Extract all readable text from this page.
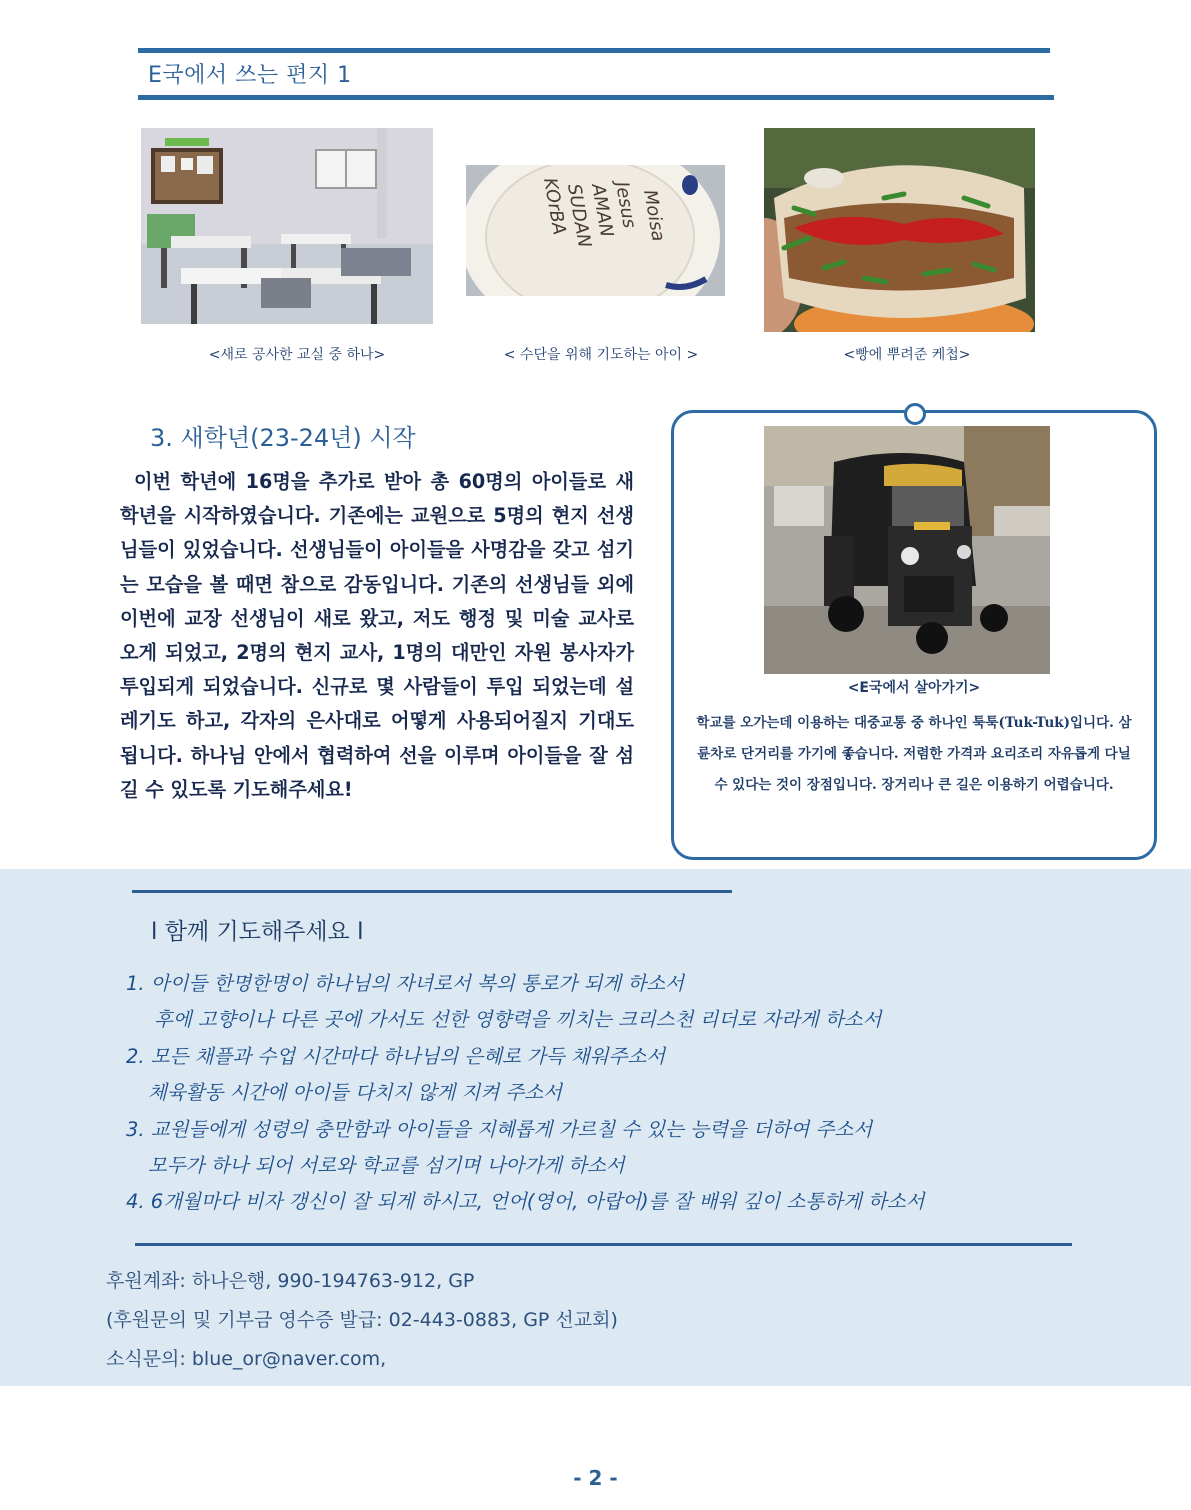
E국에서 쓰는 편지 1
<새로 공사한 교실 중 하나>
Moisa
Jesus
AMAN
SUDAN
KOrBA
< 수단을 위해 기도하는 아이 >	<빵에 뿌려준 케첩>
3. 새학년(23-24년) 시작
이번 학년에 16명을 추가로 받아 총 60명의 아이들로 새 학년을 시작하였습니다. 기존에는 교원으로 5명의 현지 선생님들이 있었습니다. 선생님들이 아이들을 사명감을 갖고 섬기는 모습을 볼 때면 참으로 감동입니다. 기존의 선생님들 외에 이번에 교장 선생님이 새로 왔고, 저도 행정 및 미술 교사로 오게 되었고, 2명의 현지 교사, 1명의 대만인 자원 봉사자가 투입되게 되었습니다. 신규로 몇 사람들이 투입 되었는데 설레기도 하고, 각자의 은사대로 어떻게 사용되어질지 기대도 됩니다. 하나님 안에서 협력하여 선을 이루며 아이들을 잘 섬길 수 있도록 기도해주세요!
<E국에서 살아가기>
학교를 오가는데 이용하는 대중교통 중 하나인 툭툭(Tuk-Tuk)입니다. 삼륜차로 단거리를 가기에 좋습니다. 저렴한 가격과 요리조리 자유롭게 다닐 수 있다는 것이 장점입니다. 장거리나 큰 길은 이용하기 어렵습니다.
l 함께 기도해주세요 l
1. 아이들 한명한명이 하나님의 자녀로서 복의 통로가 되게 하소서
후에 고향이나 다른 곳에 가서도 선한 영향력을 끼치는 크리스천 리더로 자라게 하소서
2. 모든 채플과 수업 시간마다 하나님의 은혜로 가득 채워주소서
체육활동 시간에 아이들 다치지 않게 지켜 주소서
3. 교원들에게 성령의 충만함과 아이들을 지혜롭게 가르칠 수 있는 능력을 더하여 주소서
모두가 하나 되어 서로와 학교를 섬기며 나아가게 하소서
4. 6개월마다 비자 갱신이 잘 되게 하시고, 언어(영어, 아랍어)를 잘 배워 깊이 소통하게 하소서
후원계좌: 하나은행, 990-194763-912, GP
(후원문의 및 기부금 영수증 발급: 02-443-0883, GP 선교회)
소식문의: blue_or@naver.com,
- 2 -
